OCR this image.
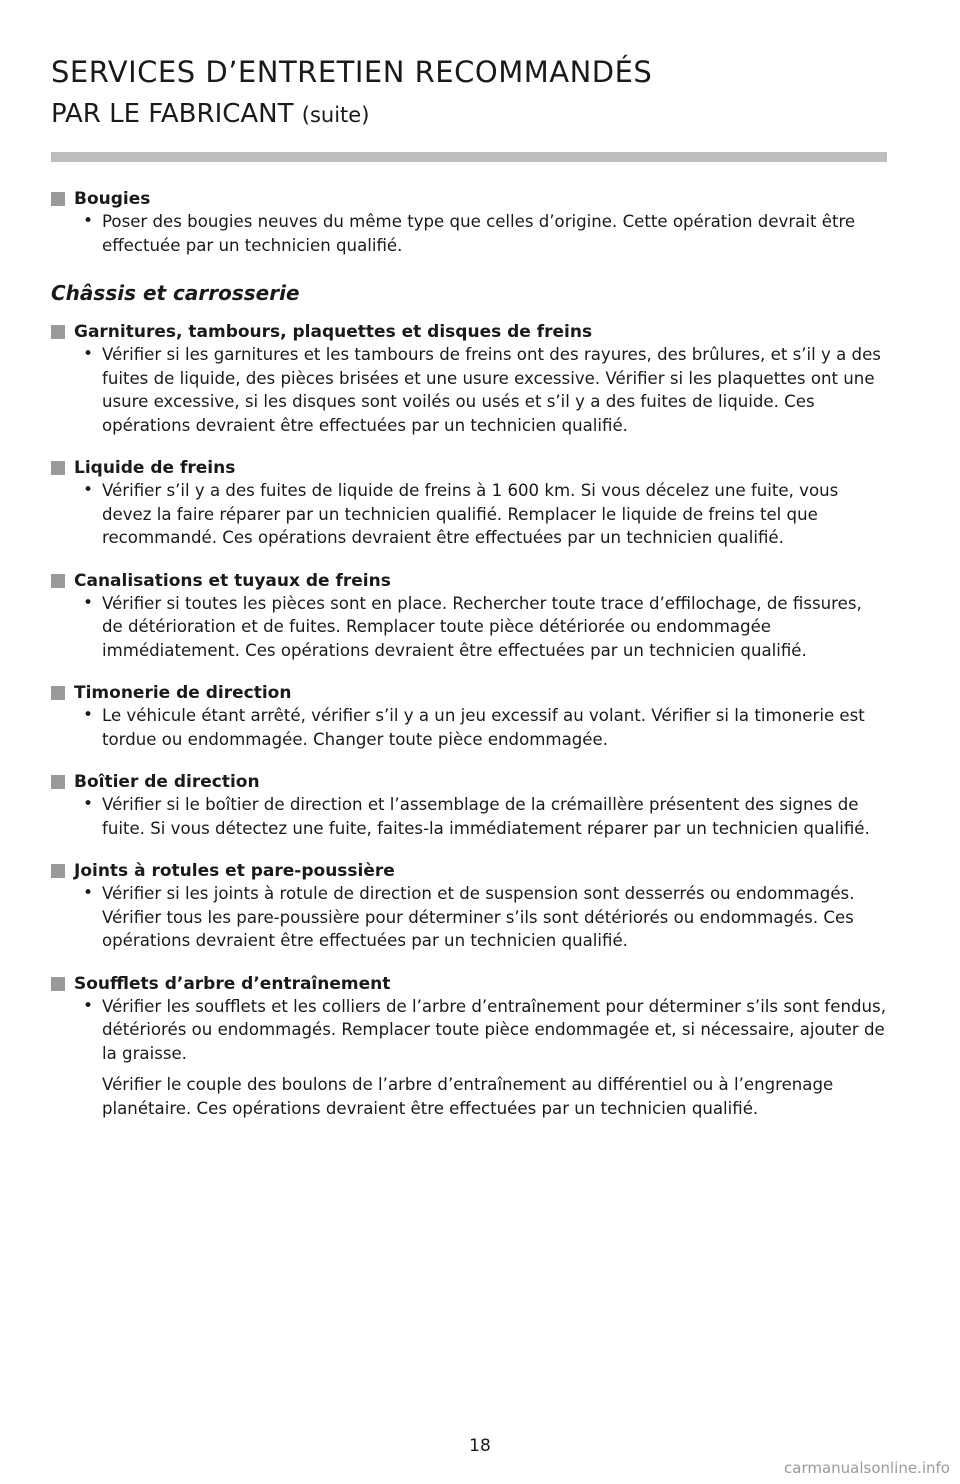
SERVICES D’ENTRETIEN RECOMMANDÉS
PAR LE FABRICANT (suite)
Bougies
• Poser des bougies neuves du même type que celles d’origine. Cette opération devrait être effectuée par un technicien qualifié.
Châssis et carrosserie
Garnitures, tambours, plaquettes et disques de freins
• Vérifier si les garnitures et les tambours de freins ont des rayures, des brûlures, et s’il y a des fuites de liquide, des pièces brisées et une usure excessive. Vérifier si les plaquettes ont une usure excessive, si les disques sont voilés ou usés et s’il y a des fuites de liquide. Ces opérations devraient être effectuées par un technicien qualifié.
Liquide de freins
• Vérifier s’il y a des fuites de liquide de freins à 1 600 km. Si vous décelez une fuite, vous devez la faire réparer par un technicien qualifié. Remplacer le liquide de freins tel que recommandé. Ces opérations devraient être effectuées par un technicien qualifié.
Canalisations et tuyaux de freins
• Vérifier si toutes les pièces sont en place. Rechercher toute trace d’effilochage, de fissures, de détérioration et de fuites. Remplacer toute pièce détériorée ou endommagée immédiatement. Ces opérations devraient être effectuées par un technicien qualifié.
Timonerie de direction
• Le véhicule étant arrêté, vérifier s’il y a un jeu excessif au volant. Vérifier si la timonerie est tordue ou endommagée. Changer toute pièce endommagée.
Boîtier de direction
• Vérifier si le boîtier de direction et l’assemblage de la crémaillère présentent des signes de fuite. Si vous détectez une fuite, faites-la immédiatement réparer par un technicien qualifié.
Joints à rotules et pare-poussière
• Vérifier si les joints à rotule de direction et de suspension sont desserrés ou endommagés. Vérifier tous les pare-poussière pour déterminer s’ils sont détériorés ou endommagés. Ces opérations devraient être effectuées par un technicien qualifié.
Soufflets d’arbre d’entraînement
• Vérifier les soufflets et les colliers de l’arbre d’entraînement pour déterminer s’ils sont fendus, détériorés ou endommagés. Remplacer toute pièce endommagée et, si nécessaire, ajouter de la graisse.
Vérifier le couple des boulons de l’arbre d’entraînement au différentiel ou à l’engrenage planétaire. Ces opérations devraient être effectuées par un technicien qualifié.
18
carmanualsonline.info
